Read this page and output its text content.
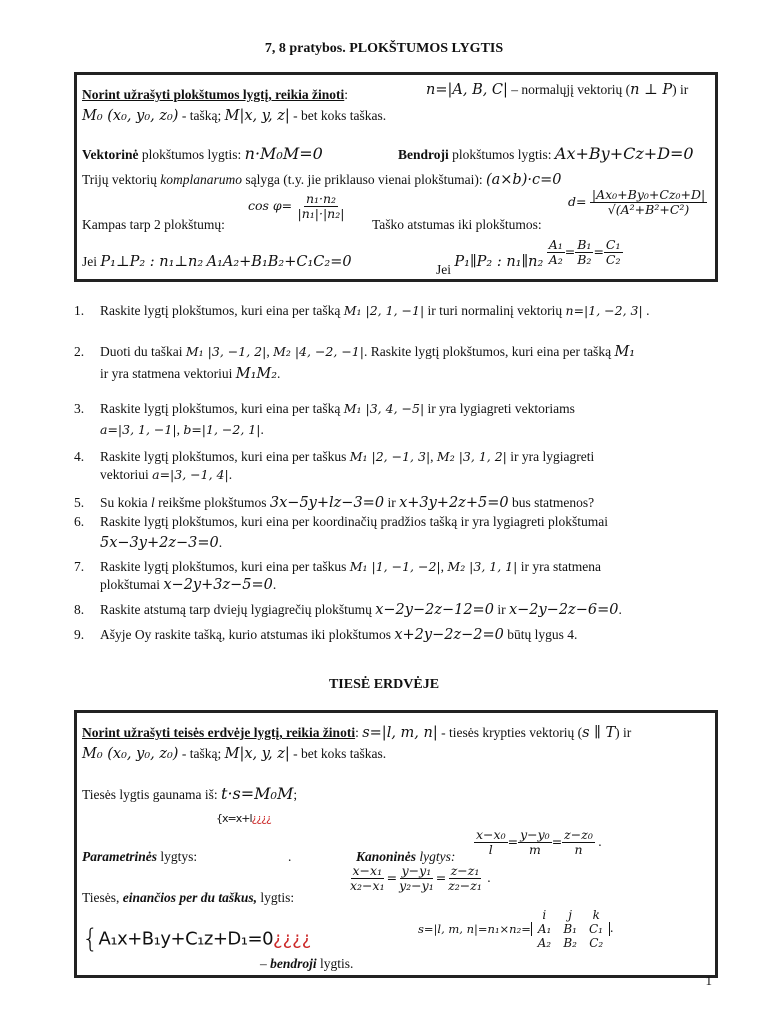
7, 8 pratybos. PLOKŠTUMOS LYGTIS
Norint užrašyti plokštumos lygtį, reikia žinoti:	n=|A, B, C| – normalųjį vektorių (n ⊥ P) ir
M₀ (x₀, y₀, z₀) - tašką; M|x, y, z| - bet koks taškas.
Vektorinė plokštumos lygtis: n·M₀M=0	Bendroji plokštumos lygtis: Ax+By+Cz+D=0
Trijų vektorių komplanarumo sąlyga (t.y. jie priklauso vienai plokštumai): (a×b)·c=0
Kampas tarp 2 plokštumų:
$\cos \varphi= \frac{\text{n₁·n₂}}{\text{|n₁|·|n₂|}}$
Taško atstumas iki plokštumos:
$d= \frac{\text{|Ax₀+By₀+Cz₀+D|}}{\text{√(A²+B²+C²)}}$
Jei P₁⊥P₂ : n₁⊥n₂ A₁A₂+B₁B₂+C₁C₂=0	Jei P₁∥P₂ : n₁∥n₂ $\frac{\text{A₁}}{\text{A₂}} = \frac{\text{B₁}}{\text{B₂}} = \frac{\text{C₁}}{\text{C₂}}$
1. Raskite lygtį plokštumos, kuri eina per tašką M₁ |2, 1, −1| ir turi normalinį vektorių n=|1, −2, 3| .
2. Duoti du taškai M₁ |3, −1, 2|, M₂ |4, −2, −1|. Raskite lygtį plokštumos, kuri eina per tašką M₁
ir yra statmena vektoriui M₁M₂.
3. Raskite lygtį plokštumos, kuri eina per tašką M₁ |3, 4, −5| ir yra lygiagreti vektoriams
a=|3, 1, −1|, b=|1, −2, 1|.
4. Raskite lygtį plokštumos, kuri eina per taškus M₁ |2, −1, 3|, M₂ |3, 1, 2| ir yra lygiagreti
vektoriui a=|3, −1, 4|.
5. Su kokia l reikšme plokštumos 3x−5y+lz−3=0 ir x+3y+2z+5=0 bus statmenos?
6. Raskite lygtį plokštumos, kuri eina per koordinačių pradžios tašką ir yra lygiagreti plokštumai
5x−3y+2z−3=0.
7. Raskite lygtį plokštumos, kuri eina per taškus M₁ |1, −1, −2|, M₂ |3, 1, 1| ir yra statmena
plokštumai x−2y+3z−5=0.
8. Raskite atstumą tarp dviejų lygiagrečių plokštumų x−2y−2z−12=0 ir x−2y−2z−6=0.
9. Ašyje Oy raskite tašką, kurio atstumas iki plokštumos x+2y−2z−2=0 būtų lygus 4.
TIESĖ ERDVĖJE
Norint užrašyti teisės erdvėje lygtį, reikia žinoti: s=|l, m, n| - tiesės krypties vektorių (s ∥ T) ir
M₀ (x₀, y₀, z₀) - tašką; M|x, y, z| - bet koks taškas.
Tiesės lygtis gaunama iš: t·s=M₀M;
{x=x+l¿¿¿¿
Parametrinės lygtys:	.	Kanoninės lygtys: $\frac{\text{x−x₀}}{l} = \frac{\text{y−y₀}}{m} = \frac{\text{z−z₀}}{n}$ .
$\frac{\text{x−x₁}}{\text{x₂−x₁}} = \frac{\text{y−y₁}}{\text{y₂−y₁}} = \frac{\text{z−z₁}}{\text{z₂−z₁}}$ .
Tiesės, einančios per du taškus, lygtis:
{A₁x+B₁y+C₁z+D₁=0¿¿¿¿
– bendroji lygtis.
	i	j	k
s=|l, m, n|=n₁×n₂=	A₁	B₁	C₁
	A₂	B₂	C₂.
1
